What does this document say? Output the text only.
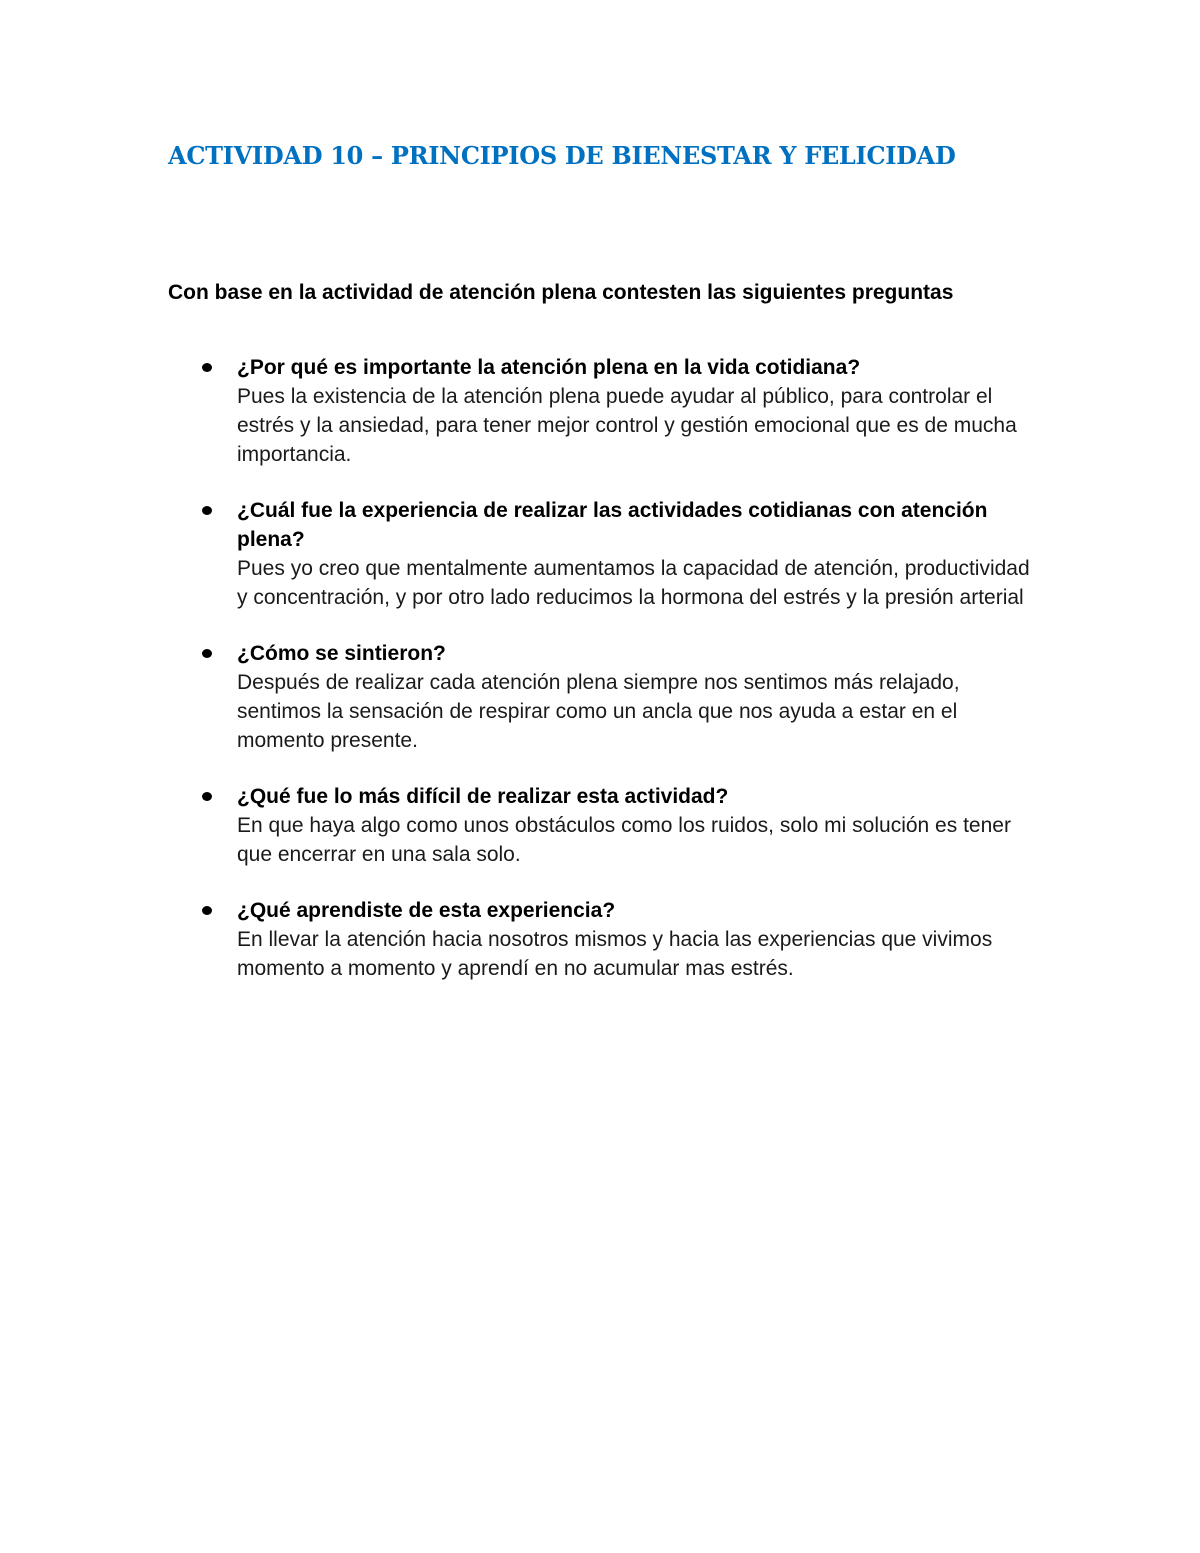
ACTIVIDAD 10 – PRINCIPIOS DE BIENESTAR Y FELICIDAD

Con base en la actividad de atención plena contesten las siguientes preguntas

¿Por qué es importante la atención plena en la vida cotidiana?
Pues la existencia de la atención plena puede ayudar al público, para controlar el estrés y la ansiedad, para tener mejor control y gestión emocional que es de mucha importancia.
¿Cuál fue la experiencia de realizar las actividades cotidianas con atención plena?
Pues yo creo que mentalmente aumentamos la capacidad de atención, productividad y concentración, y por otro lado reducimos la hormona del estrés y la presión arterial
¿Cómo se sintieron?
Después de realizar cada atención plena siempre nos sentimos más relajado, sentimos la sensación de respirar como un ancla que nos ayuda a estar en el momento presente.
¿Qué fue lo más difícil de realizar esta actividad?
En que haya algo como unos obstáculos como los ruidos, solo mi solución es tener que encerrar en una sala solo.
¿Qué aprendiste de esta experiencia?
En llevar la atención hacia nosotros mismos y hacia las experiencias que vivimos momento a momento y aprendí en no acumular mas estrés.
